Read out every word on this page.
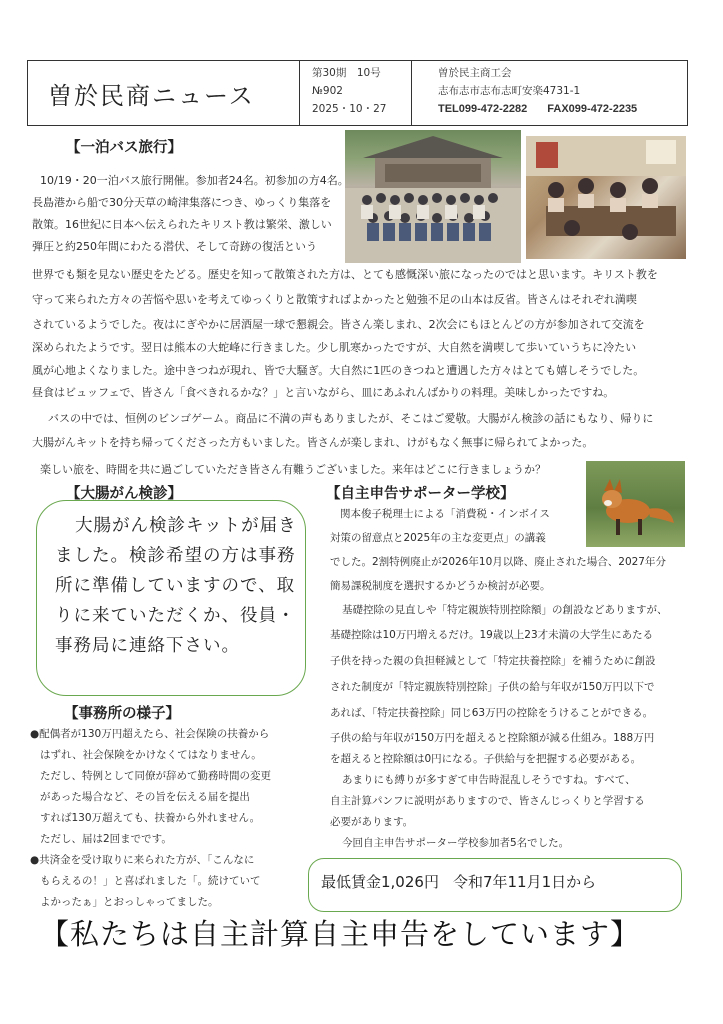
曽於民商ニュース
第30期　10号
№902
2025・10・27
曽於民主商工会
志布志市志布志町安楽4731-1
TEL099-472-2282 FAX099-472-2235
【一泊バス旅行】
10/19・20一泊バス旅行開催。参加者24名。初参加の方4名。
長島港から船で30分天草の崎津集落につき、ゆっくり集落を
散策。16世紀に日本へ伝えられたキリスト教は繁栄、激しい
弾圧と約250年間にわたる潜伏、そして奇跡の復活という
世界でも類を見ない歴史をたどる。歴史を知って散策された方は、とても感慨深い旅になったのではと思います。キリスト教を
守って来られた方々の苦悩や思いを考えてゆっくりと散策すればよかったと勉強不足の山本は反省。皆さんはそれぞれ満喫
されているようでした。夜はにぎやかに居酒屋一球で懇親会。皆さん楽しまれ、2次会にもほとんどの方が参加されて交流を
深められたようです。翌日は熊本の大蛇峰に行きました。少し肌寒かったですが、大自然を満喫して歩いていうちに冷たい
風が心地よくなりました。途中きつねが現れ、皆で大騒ぎ。大自然に1匹のきつねと遭遇した方々はとても嬉しそうでした。
昼食はビュッフェで、皆さん「食べきれるかな？」と言いながら、皿にあふれんばかりの料理。美味しかったですね。
バスの中では、恒例のビンゴゲーム。商品に不満の声もありましたが、そこはご愛敬。大腸がん検診の話にもなり、帰りに
大腸がんキットを持ち帰ってくださった方もいました。皆さんが楽しまれ、けがもなく無事に帰られてよかった。
楽しい旅を、時間を共に過ごしていただき皆さん有難うございました。来年はどこに行きましょうか？
【大腸がん検診】
大腸がん検診キットが届き
ました。検診希望の方は事務
所に準備していますので、取
りに来ていただくか、役員・
事務局に連絡下さい。
【事務所の様子】
●配偶者が130万円超えたら、社会保険の扶養から
はずれ、社会保険をかけなくてはなりません。
ただし、特例として同僚が辞めて勤務時間の変更
があった場合など、その旨を伝える届を提出
すれば130万超えても、扶養から外れません。
ただし、届は2回までです。
●共済金を受け取りに来られた方が、「こんなに
もらえるの！」と喜ばれました「。続けていて
よかったぁ」とおっしゃってました。
【自主申告サポーター学校】
関本俊子税理士による「消費税・インボイス
対策の留意点と2025年の主な変更点」の講義
でした。2割特例廃止が2026年10月以降、廃止された場合、2027年分
簡易課税制度を選択するかどうか検討が必要。
基礎控除の見直しや「特定親族特別控除額」の創設などありますが、
基礎控除は10万円増えるだけ。19歳以上23才未満の大学生にあたる
子供を持った親の負担軽減として「特定扶養控除」を補うために創設
された制度が「特定親族特別控除」子供の給与年収が150万円以下で
あれば、「特定扶養控除」同じ63万円の控除をうけることができる。
子供の給与年収が150万円を超えると控除額が減る仕組み。188万円
を超えると控除額は0円になる。子供給与を把握する必要がある。
あまりにも縛りが多すぎて申告時混乱しそうですね。すべて、
自主計算パンフに説明がありますので、皆さんじっくりと学習する
必要があります。
今回自主申告サポーター学校参加者5名でした。
最低賃金1,026円 令和7年11月1日から
【私たちは自主計算自主申告をしています】
